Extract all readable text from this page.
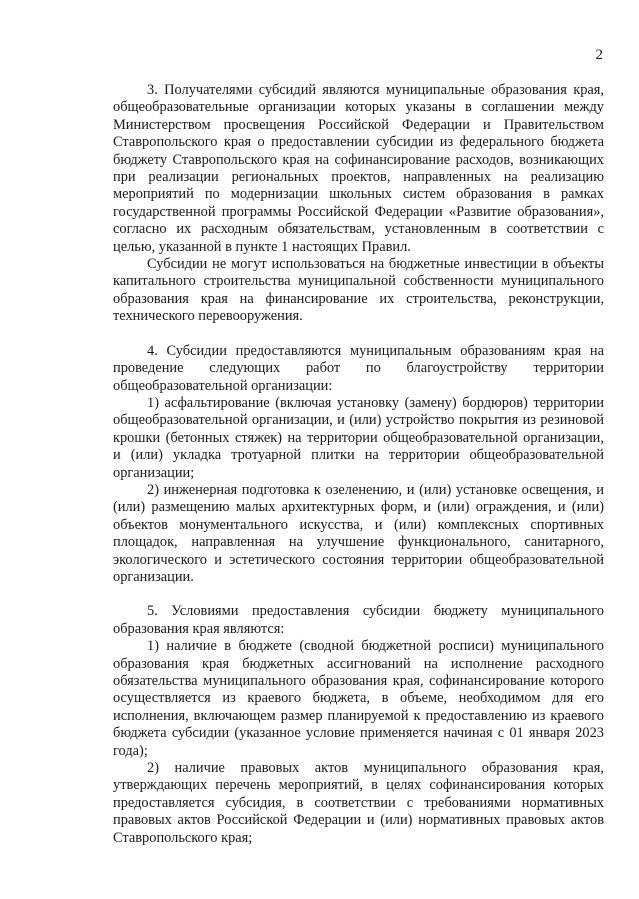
2

3. Получателями субсидий являются муниципальные образования края, общеобразовательные организации которых указаны в соглашении между Министерством просвещения Российской Федерации и Правительством Ставропольского края о предоставлении субсидии из федерального бюджета бюджету Ставропольского края на софинансирование расходов, возникающих при реализации региональных проектов, направленных на реализацию мероприятий по модернизации школьных систем образования в рамках государственной программы Российской Федерации «Развитие образования», согласно их расходным обязательствам, установленным в соответствии с целью, указанной в пункте 1 настоящих Правил.

Субсидии не могут использоваться на бюджетные инвестиции в объекты капитального строительства муниципальной собственности муниципального образования края на финансирование их строительства, реконструкции, технического перевооружения.

4. Субсидии предоставляются муниципальным образованиям края на проведение следующих работ по благоустройству территории общеобразовательной организации:

1) асфальтирование (включая установку (замену) бордюров) территории общеобразовательной организации, и (или) устройство покрытия из резиновой крошки (бетонных стяжек) на территории общеобразовательной организации, и (или) укладка тротуарной плитки на территории общеобразовательной организации;

2) инженерная подготовка к озеленению, и (или) установке освещения, и (или) размещению малых архитектурных форм, и (или) ограждения, и (или) объектов монументального искусства, и (или) комплексных спортивных площадок, направленная на улучшение функционального, санитарного, экологического и эстетического состояния территории общеобразовательной организации.

5. Условиями предоставления субсидии бюджету муниципального образования края являются:

1) наличие в бюджете (сводной бюджетной росписи) муниципального образования края бюджетных ассигнований на исполнение расходного обязательства муниципального образования края, софинансирование которого осуществляется из краевого бюджета, в объеме, необходимом для его исполнения, включающем размер планируемой к предоставлению из краевого бюджета субсидии (указанное условие применяется начиная с 01 января 2023 года);

2) наличие правовых актов муниципального образования края, утверждающих перечень мероприятий, в целях софинансирования которых предоставляется субсидия, в соответствии с требованиями нормативных правовых актов Российской Федерации и (или) нормативных правовых актов Ставропольского края;
